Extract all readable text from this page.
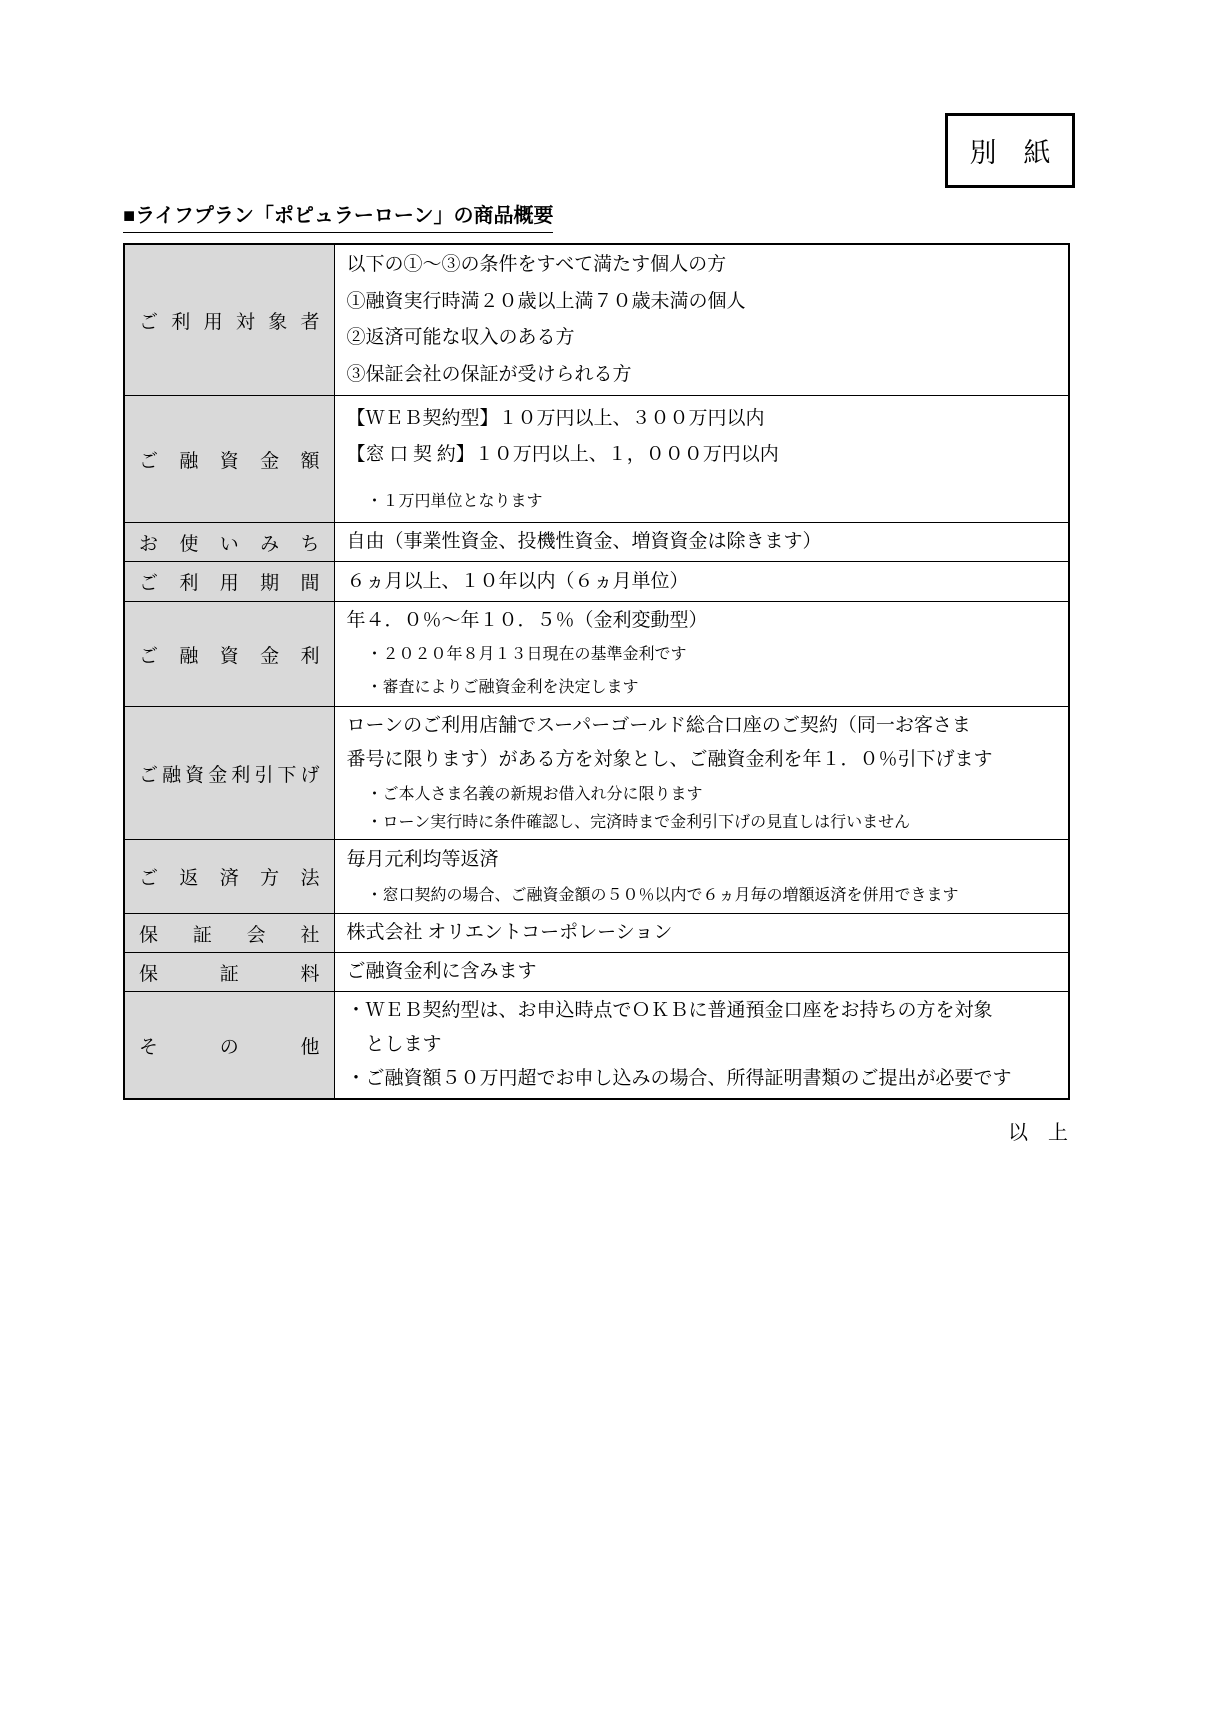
別　紙
■ライフプラン「ポピュラーローン」の商品概要
ご利用対象者	以下の①～③の条件をすべて満たす個人の方
①融資実行時満２０歳以上満７０歳未満の個人
②返済可能な収入のある方
③保証会社の保証が受けられる方

ご融資金額	【ＷＥＢ契約型】１０万円以上、３００万円以内
【窓 口 契 約】１０万円以上、１，０００万円以内
・１万円単位となります

お使いみち	自由（事業性資金、投機性資金、増資資金は除きます）

ご利用期間	６ヵ月以上、１０年以内（６ヵ月単位）

ご融資金利	年４．０％～年１０．５％（金利変動型）
・２０２０年８月１３日現在の基準金利です
・審査によりご融資金利を決定します

ご融資金利引下げ	ローンのご利用店舗でスーパーゴールド総合口座のご契約（同一お客さま
番号に限ります）がある方を対象とし、ご融資金利を年１．０％引下げます
・ご本人さま名義の新規お借入れ分に限ります
・ローン実行時に条件確認し、完済時まで金利引下げの見直しは行いません

ご返済方法	毎月元利均等返済
・窓口契約の場合、ご融資金額の５０％以内で６ヵ月毎の増額返済を併用できます

保証会社	株式会社 オリエントコーポレーション

保証料	ご融資金利に含みます

その他	・ＷＥＢ契約型は、お申込時点でＯＫＢに普通預金口座をお持ちの方を対象
とします
・ご融資額５０万円超でお申し込みの場合、所得証明書類のご提出が必要です
以　上
